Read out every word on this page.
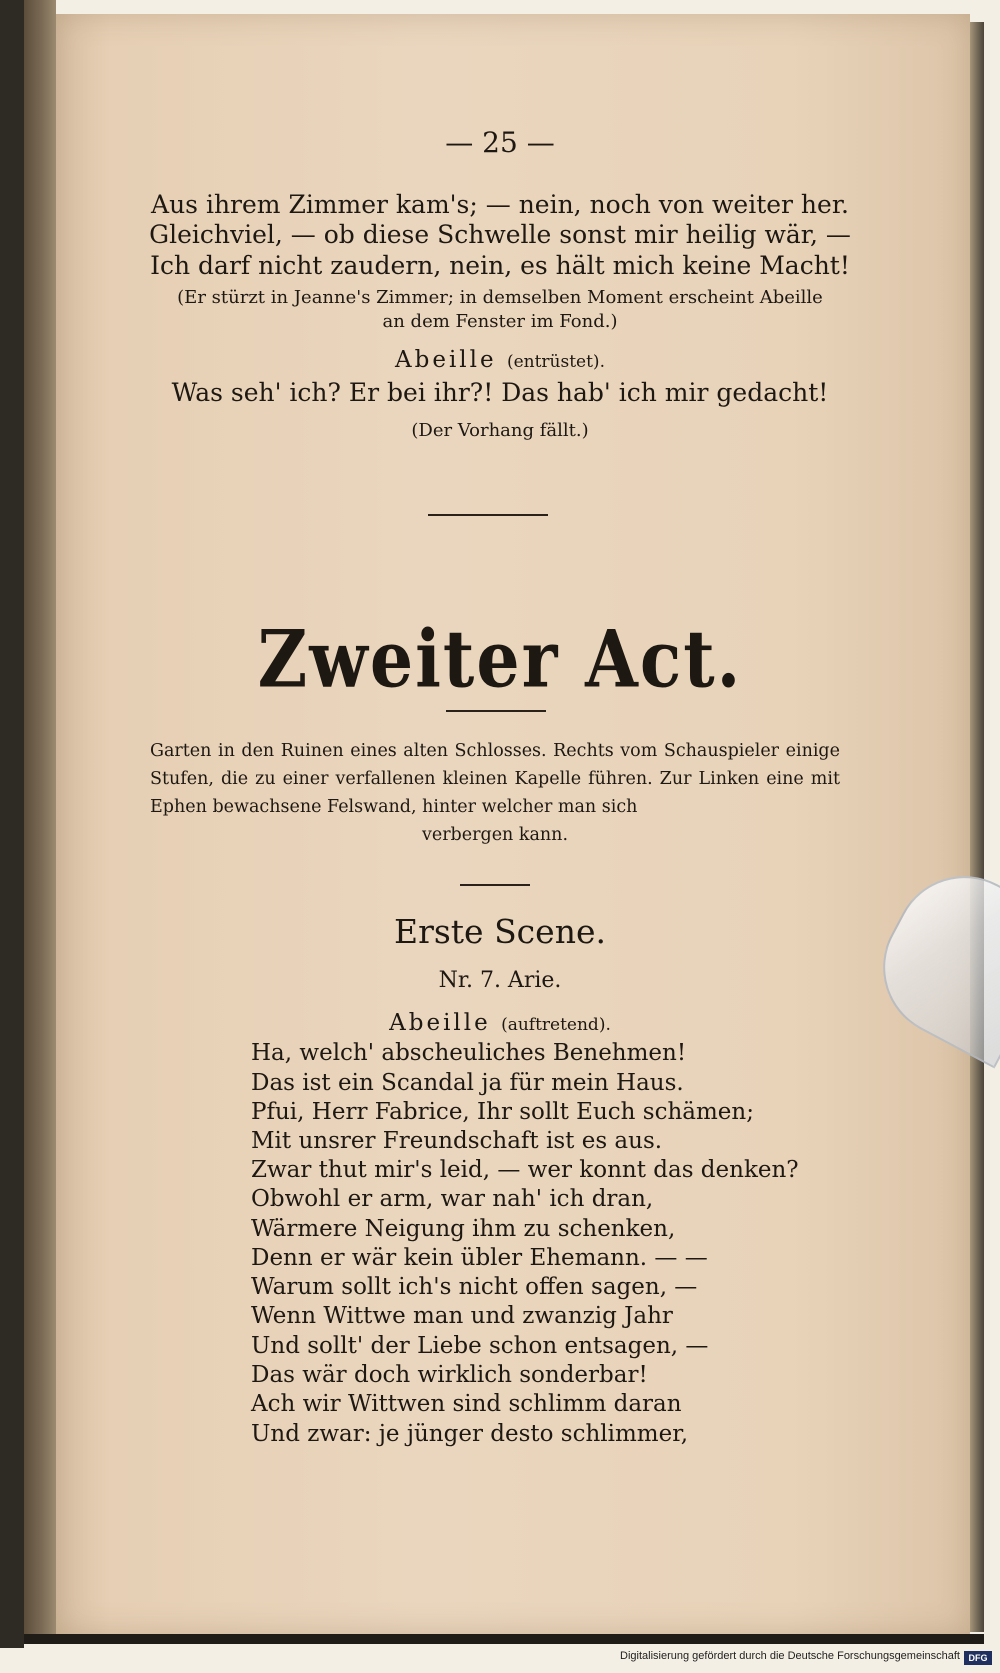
— 25 —
Aus ihrem Zimmer kam's; — nein, noch von weiter her.
Gleichviel, — ob diese Schwelle sonst mir heilig wär, —
Ich darf nicht zaudern, nein, es hält mich keine Macht!
(Er stürzt in Jeanne's Zimmer; in demselben Moment erscheint Abeille
an dem Fenster im Fond.)
Abeille (entrüstet).
Was seh' ich? Er bei ihr?! Das hab' ich mir gedacht!
(Der Vorhang fällt.)
Zweiter Act.
Garten in den Ruinen eines alten Schlosses. Rechts vom Schauspieler einige Stufen, die zu einer verfallenen kleinen Kapelle führen. Zur Linken eine mit Ephen bewachsene Felswand, hinter welcher man sich
verbergen kann.
Erste Scene.
Nr. 7. Arie.
Abeille (auftretend).
Ha, welch' abscheuliches Benehmen!
Das ist ein Scandal ja für mein Haus.
Pfui, Herr Fabrice, Ihr sollt Euch schämen;
Mit unsrer Freundschaft ist es aus.
Zwar thut mir's leid, — wer konnt das denken?
Obwohl er arm, war nah' ich dran,
Wärmere Neigung ihm zu schenken,
Denn er wär kein übler Ehemann. — —
Warum sollt ich's nicht offen sagen, —
Wenn Wittwe man und zwanzig Jahr
Und sollt' der Liebe schon entsagen, —
Das wär doch wirklich sonderbar!
Ach wir Wittwen sind schlimm daran
Und zwar: je jünger desto schlimmer,
Digitalisierung gefördert durch die Deutsche Forschungsgemeinschaft DFG
